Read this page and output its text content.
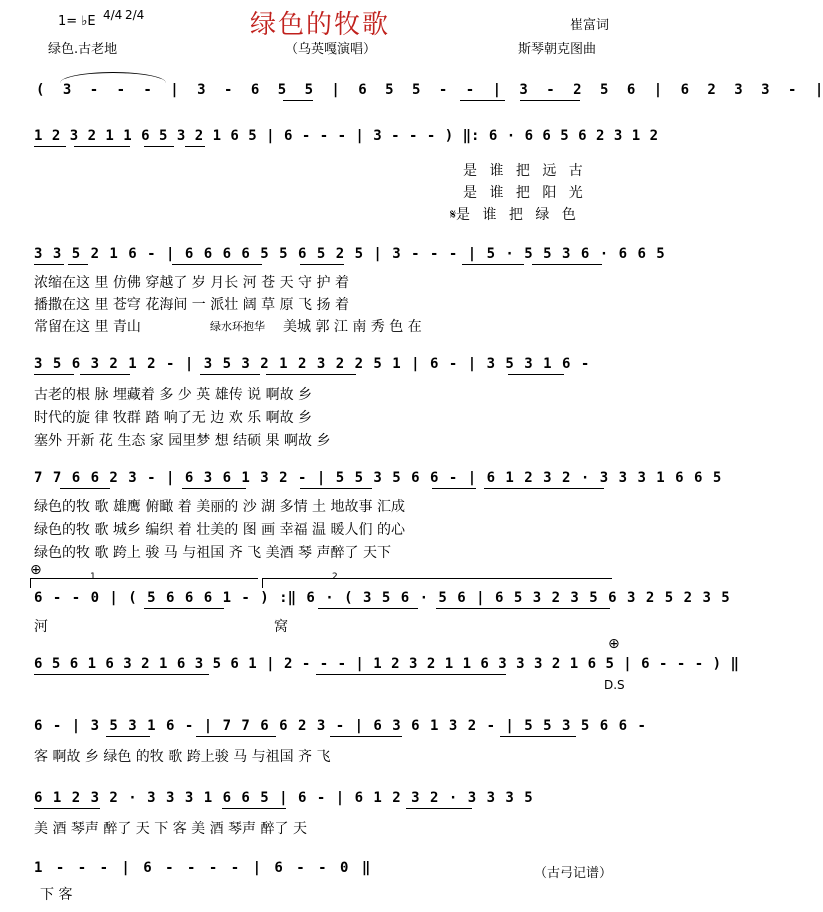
绿色的牧歌
1= ♭E 4/4 2/4
崔富词
绿色.古老地	（乌英嘎演唱）	斯琴朝克图曲
( 3 - - - | 3 - 6 5 5 | 6 5 5 - - | 3 - 2 5 6 | 6 2 3 3 - |
1 2 3 2 1 1 6 5 3 2 1 6 5 | 6 - - - | 3 - - - ) ‖: 6 · 6 6 5 6 2 3 1 2
是 谁 把 远 古
是 谁 把 阳 光
𝄋是 谁 把 绿 色
3 3 5 2 1 6 - | 6 6 6 6 5 5 6 5 2 5 | 3 - - - | 5 · 5 5 3 6 · 6 6 5
浓缩在这 里 仿佛 穿越了 岁 月长 河 苍 天 守 护 着
播撒在这 里 苍穹 花海间 一 派壮 阔 草 原 飞 扬 着
常留在这 里 青山	绿水环抱华 美城 郭 江 南 秀 色 在
3 5 6 3 2 1 2 - | 3 5 3 2 1 2 3 2 2 5 1 | 6 - | 3 5 3 1 6 -
古老的根 脉 埋藏着 多 少 英 雄传 说 啊故 乡
时代的旋 律 牧群 踏 响了无 边 欢 乐 啊故 乡
塞外 开新 花 生态 家 园里梦 想 结硕 果 啊故 乡
7 7 6 6 2 3 - | 6 3 6 1 3 2 - | 5 5 3 5 6 6 - | 6 1 2 3 2 · 3 3 3 1 6 6 5
绿色的牧 歌 雄鹰 俯瞰 着 美丽的 沙 湖 多情 土 地故事 汇成
绿色的牧 歌 城乡 编织 着 壮美的 图 画 幸福 温 暖人们 的心
绿色的牧 歌 跨上 骏 马 与祖国 齐 飞 美酒 琴 声醉了 天下
⊕	1	2
6 - - 0 | ( 5 6 6 6 1 - ) :‖ 6 · ( 3 5 6 · 5 6 | 6 5 3 2 3 5 6 3 2 5 2 3 5
河	窝
6 5 6 1 6 3 2 1 6 3 5 6 1 | 2 - - - | 1 2 3 2 1 1 6 3 3 3 2 1 6 5 | 6 - - - ) ‖
⊕
D.S
6 - | 3 5 3 1 6 - | 7 7 6 6 2 3 - | 6 3 6 1 3 2 - | 5 5 3 5 6 6 -
客 啊故 乡 绿色 的牧 歌 跨上骏 马 与祖国 齐 飞
6 1 2 3 2 · 3 3 3 1 6 6 5 | 6 - | 6 1 2 3 2 · 3 3 3 5
美 酒 琴声 醉了 天 下 客 美 酒 琴声 醉了 天
1 - - - | 6 - - - - | 6 - - 0 ‖
下 客
（古弓记谱）
